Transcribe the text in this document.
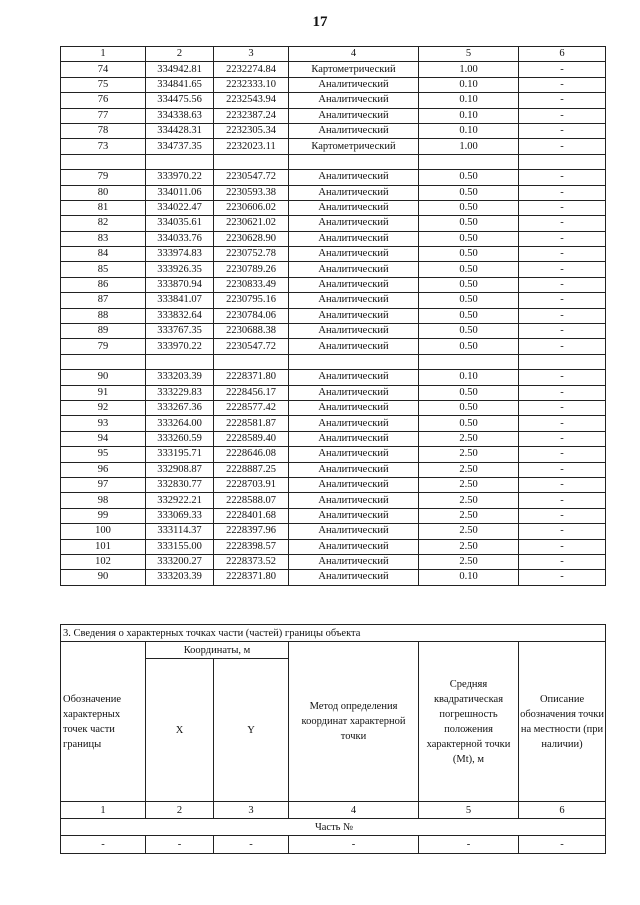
17
1	2	3	4	5	6
74	334942.81	2232274.84	Картометрический	1.00	-
75	334841.65	2232333.10	Аналитический	0.10	-
76	334475.56	2232543.94	Аналитический	0.10	-
77	334338.63	2232387.24	Аналитический	0.10	-
78	334428.31	2232305.34	Аналитический	0.10	-
73	334737.35	2232023.11	Картометрический	1.00	-

79	333970.22	2230547.72	Аналитический	0.50	-
80	334011.06	2230593.38	Аналитический	0.50	-
81	334022.47	2230606.02	Аналитический	0.50	-
82	334035.61	2230621.02	Аналитический	0.50	-
83	334033.76	2230628.90	Аналитический	0.50	-
84	333974.83	2230752.78	Аналитический	0.50	-
85	333926.35	2230789.26	Аналитический	0.50	-
86	333870.94	2230833.49	Аналитический	0.50	-
87	333841.07	2230795.16	Аналитический	0.50	-
88	333832.64	2230784.06	Аналитический	0.50	-
89	333767.35	2230688.38	Аналитический	0.50	-
79	333970.22	2230547.72	Аналитический	0.50	-

90	333203.39	2228371.80	Аналитический	0.10	-
91	333229.83	2228456.17	Аналитический	0.50	-
92	333267.36	2228577.42	Аналитический	0.50	-
93	333264.00	2228581.87	Аналитический	0.50	-
94	333260.59	2228589.40	Аналитический	2.50	-
95	333195.71	2228646.08	Аналитический	2.50	-
96	332908.87	2228887.25	Аналитический	2.50	-
97	332830.77	2228703.91	Аналитический	2.50	-
98	332922.21	2228588.07	Аналитический	2.50	-
99	333069.33	2228401.68	Аналитический	2.50	-
100	333114.37	2228397.96	Аналитический	2.50	-
101	333155.00	2228398.57	Аналитический	2.50	-
102	333200.27	2228373.52	Аналитический	2.50	-
90	333203.39	2228371.80	Аналитический	0.10	-
3. Сведения о характерных точках части (частей) границы объекта					
Обозначение характерных точек части границы	Координаты, м		Метод определения координат характерной точки	Средняя квадратическая погрешность положения характерной точки (Mt), м	Описание обозначения точки на местности (при наличии)
	X	Y			
1	2	3	4	5	6
Часть №					
-	-	-	-	-	-
